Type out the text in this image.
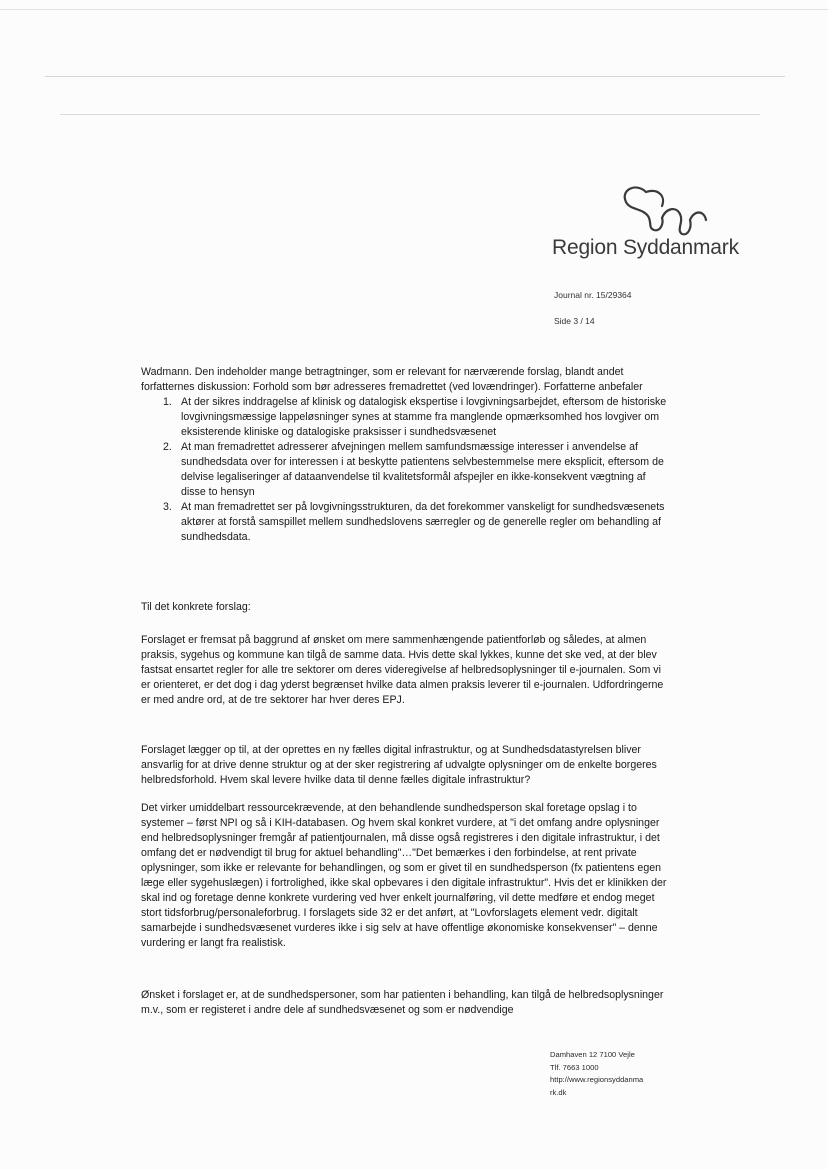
Region Syddanmark
Journal nr. 15/29364
Side 3 / 14

Wadmann. Den indeholder mange betragtninger, som er relevant for nærværende forslag, blandt andet forfatternes diskussion: Forhold som bør adresseres fremadrettet (ved lovændringer). Forfatterne anbefaler

1. At der sikres inddragelse af klinisk og datalogisk ekspertise i lovgivningsarbejdet, eftersom de historiske lovgivningsmæssige lappeløsninger synes at stamme fra manglende opmærksomhed hos lovgiver om eksisterende kliniske og datalogiske praksisser i sundhedsvæsenet
2. At man fremadrettet adresserer afvejningen mellem samfundsmæssige interesser i anvendelse af sundhedsdata over for interessen i at beskytte patientens selvbestemmelse mere eksplicit, eftersom de delvise legaliseringer af dataanvendelse til kvalitetsformål afspejler en ikke-konsekvent vægtning af disse to hensyn
3. At man fremadrettet ser på lovgivningsstrukturen, da det forekommer vanskeligt for sundhedsvæsenets aktører at forstå samspillet mellem sundhedslovens særregler og de generelle regler om behandling af sundhedsdata.
Til det konkrete forslag:
Forslaget er fremsat på baggrund af ønsket om mere sammenhængende patientforløb og således, at almen praksis, sygehus og kommune kan tilgå de samme data. Hvis dette skal lykkes, kunne det ske ved, at der blev fastsat ensartet regler for alle tre sektorer om deres videregivelse af helbredsoplysninger til e-journalen. Som vi er orienteret, er det dog i dag yderst begrænset hvilke data almen praksis leverer til e-journalen. Udfordringerne er med andre ord, at de tre sektorer har hver deres EPJ.
Forslaget lægger op til, at der oprettes en ny fælles digital infrastruktur, og at Sundhedsdatastyrelsen bliver ansvarlig for at drive denne struktur og at der sker registrering af udvalgte oplysninger om de enkelte borgeres helbredsforhold. Hvem skal levere hvilke data til denne fælles digitale infrastruktur?
Det virker umiddelbart ressourcekrævende, at den behandlende sundhedsperson skal foretage opslag i to systemer – først NPI og så i KIH-databasen. Og hvem skal konkret vurdere, at "i det omfang andre oplysninger end helbredsoplysninger fremgår af patientjournalen, må disse også registreres i den digitale infrastruktur, i det omfang det er nødvendigt til brug for aktuel behandling"…"Det bemærkes i den forbindelse, at rent private oplysninger, som ikke er relevante for behandlingen, og som er givet til en sundhedsperson (fx patientens egen læge eller sygehuslægen) i fortrolighed, ikke skal opbevares i den digitale infrastruktur". Hvis det er klinikken der skal ind og foretage denne konkrete vurdering ved hver enkelt journalføring, vil dette medføre et endog meget stort tidsforbrug/personaleforbrug. I forslagets side 32 er det anført, at "Lovforslagets element vedr. digitalt samarbejde i sundhedsvæsenet vurderes ikke i sig selv at have offentlige økonomiske konsekvenser" – denne vurdering er langt fra realistisk.
Ønsket i forslaget er, at de sundhedspersoner, som har patienten i behandling, kan tilgå de helbredsoplysninger m.v., som er registeret i andre dele af sundhedsvæsenet og som er nødvendige
Damhaven 12 7100 Vejle
Tlf. 7663 1000
http://www.regionsyddanma
rk.dk
